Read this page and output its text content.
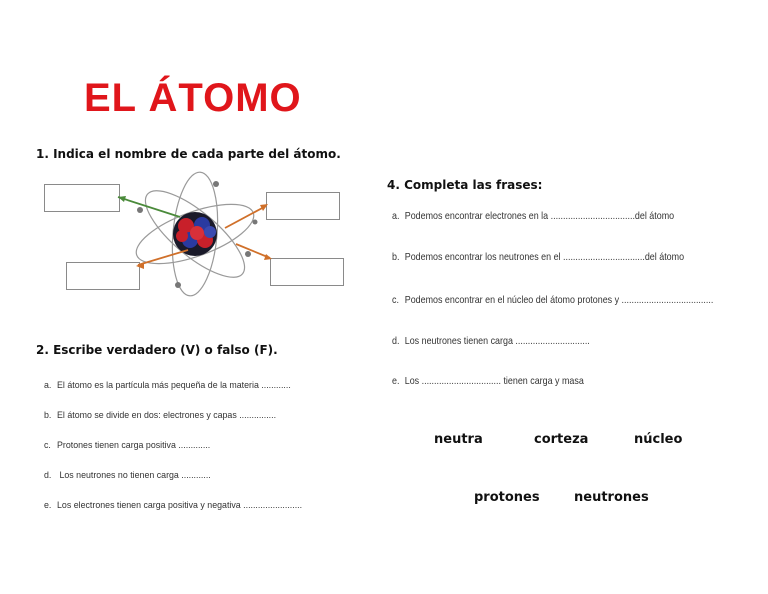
EL ÁTOMO
1. Indica el nombre de cada parte del átomo.
2. Escribe verdadero (V) o falso (F).
a. El átomo es la partícula más pequeña de la materia ............
b. El átomo se divide en dos: electrones y capas ...............
c. Protones tienen carga positiva .............
d. Los neutrones no tienen carga ............
e. Los electrones tienen carga positiva y negativa ........................
4. Completa las frases:
a. Podemos encontrar electrones en la ..................................del átomo
b. Podemos encontrar los neutrones en el .................................del átomo
c. Podemos encontrar en el núcleo del átomo protones y .....................................
d. Los neutrones tienen carga ..............................
e. Los ................................ tienen carga y masa
neutra	corteza	núcleo
protones	neutrones
